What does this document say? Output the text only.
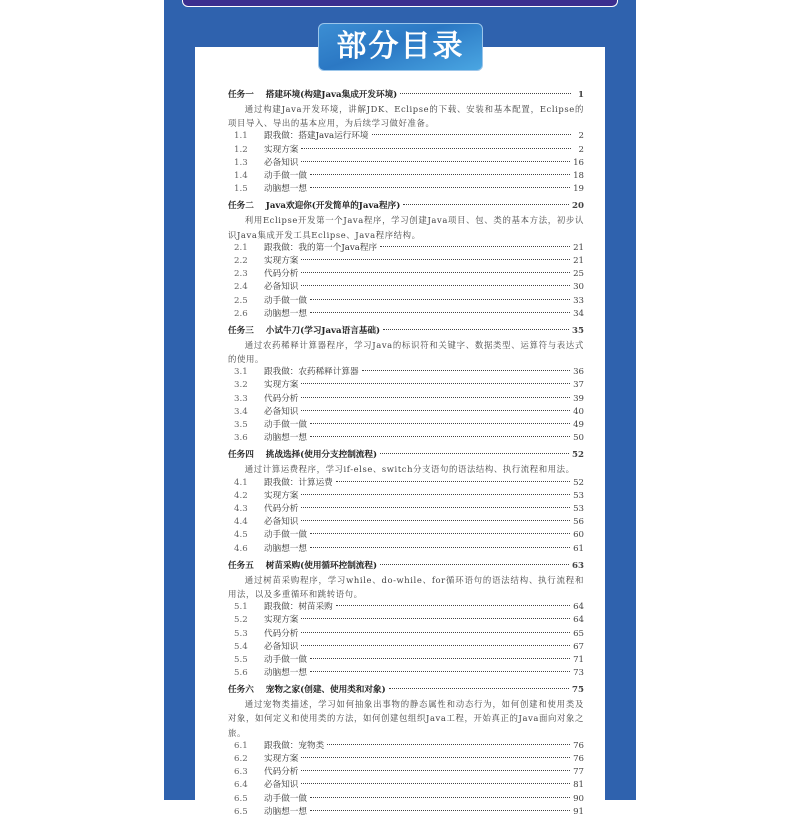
部分目录
任务一 搭建环境(构建Java集成开发环境)	1
通过构建Java开发环境，讲解JDK、Eclipse的下载、安装和基本配置，Eclipse的项目导入、导出的基本应用，为后续学习做好准备。
1.1	跟我做：搭建Java运行环境	2
1.2	实现方案	2
1.3	必备知识	16
1.4	动手做一做	18
1.5	动脑想一想	19
任务二 Java欢迎你(开发简单的Java程序)	20
利用Eclipse开发第一个Java程序，学习创建Java项目、包、类的基本方法，初步认识Java集成开发工具Eclipse、Java程序结构。
2.1	跟我做：我的第一个Java程序	21
2.2	实现方案	21
2.3	代码分析	25
2.4	必备知识	30
2.5	动手做一做	33
2.6	动脑想一想	34
任务三 小试牛刀(学习Java语言基础)	35
通过农药稀释计算器程序，学习Java的标识符和关键字、数据类型、运算符与表达式的使用。
3.1	跟我做：农药稀释计算器	36
3.2	实现方案	37
3.3	代码分析	39
3.4	必备知识	40
3.5	动手做一做	49
3.6	动脑想一想	50
任务四 挑战选择(使用分支控制流程)	52
通过计算运费程序，学习if-else、switch分支语句的语法结构、执行流程和用法。
4.1	跟我做：计算运费	52
4.2	实现方案	53
4.3	代码分析	53
4.4	必备知识	56
4.5	动手做一做	60
4.6	动脑想一想	61
任务五 树苗采购(使用循环控制流程)	63
通过树苗采购程序，学习while、do-while、for循环语句的语法结构、执行流程和用法，以及多重循环和跳转语句。
5.1	跟我做：树苗采购	64
5.2	实现方案	64
5.3	代码分析	65
5.4	必备知识	67
5.5	动手做一做	71
5.6	动脑想一想	73
任务六 宠物之家(创建、使用类和对象)	75
通过宠物类描述，学习如何抽象出事物的静态属性和动态行为，如何创建和使用类及对象，如何定义和使用类的方法，如何创建包组织Java工程，开始真正的Java面向对象之旅。
6.1	跟我做：宠物类	76
6.2	实现方案	76
6.3	代码分析	77
6.4	必备知识	81
6.5	动手做一做	90
6.5	动脑想一想	91
